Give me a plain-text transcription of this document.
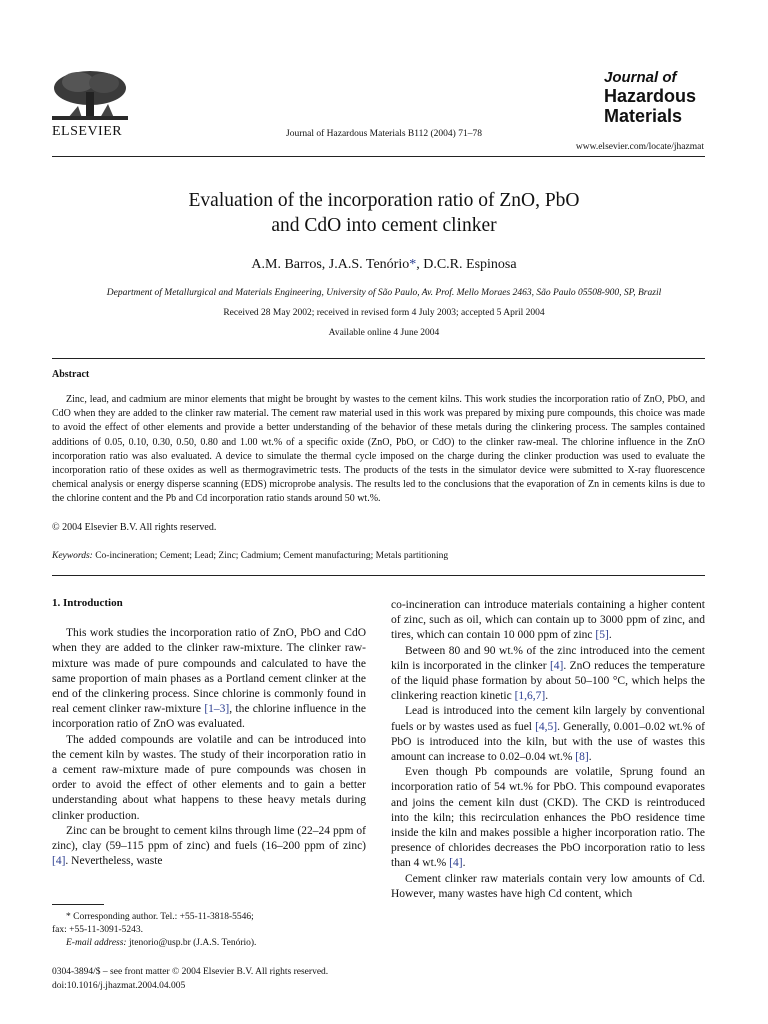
ELSEVIER	Journal of Hazardous Materials B112 (2004) 71–78
Journal of
Hazardous
Materials
www.elsevier.com/locate/jhazmat
Evaluation of the incorporation ratio of ZnO, PbO
and CdO into cement clinker
A.M. Barros, J.A.S. Tenório*, D.C.R. Espinosa
Department of Metallurgical and Materials Engineering, University of São Paulo, Av. Prof. Mello Moraes 2463, São Paulo 05508-900, SP, Brazil
Received 28 May 2002; received in revised form 4 July 2003; accepted 5 April 2004
Available online 4 June 2004
Abstract

Zinc, lead, and cadmium are minor elements that might be brought by wastes to the cement kilns. This work studies the incorporation ratio of ZnO, PbO, and CdO when they are added to the clinker raw material. The cement raw material used in this work was prepared by mixing pure compounds, this choice was made to avoid the effect of other elements and provide a better understanding of the behavior of these metals during the clinkering process. The samples contained additions of 0.05, 0.10, 0.30, 0.50, 0.80 and 1.00 wt.% of a specific oxide (ZnO, PbO, or CdO) to the clinker raw-meal. The chlorine influence in the ZnO incorporation ratio was also evaluated. A device to simulate the thermal cycle imposed on the charge during the clinker production was used to evaluate the incorporation ratio of these oxides as well as thermogravimetric tests. The products of the tests in the simulator device were submitted to X-ray fluorescence chemical analysis or energy disperse scanning (EDS) microprobe analysis. The results led to the conclusions that the evaporation of Zn in cements kilns is due to the chlorine content and the Pb and Cd incorporation ratio stands around 50 wt.%.

© 2004 Elsevier B.V. All rights reserved.
Keywords: Co-incineration; Cement; Lead; Zinc; Cadmium; Cement manufacturing; Metals partitioning

1. Introduction

This work studies the incorporation ratio of ZnO, PbO and CdO when they are added to the clinker raw-mixture. The clinker raw-mixture was made of pure compounds and calculated to have the same proportion of main phases as a Portland cement clinker at the end of the clinkering process. Since chlorine is commonly found in real cement clinker raw-mixture [1–3], the chlorine influence in the incorporation ratio of ZnO was evaluated.

The added compounds are volatile and can be introduced into the cement kiln by wastes. The study of their incorporation ratio in a cement raw-mixture made of pure compounds was chosen in order to avoid the effect of other elements and to gain a better understanding about what happens to these heavy metals during clinker production.

Zinc can be brought to cement kilns through lime (22–24 ppm of zinc), clay (59–115 ppm of zinc) and fuels (16–200 ppm of zinc) [4]. Nevertheless, waste

co-incineration can introduce materials containing a higher content of zinc, such as oil, which can contain up to 3000 ppm of zinc, and tires, which can contain 10 000 ppm of zinc [5].

Between 80 and 90 wt.% of the zinc introduced into the cement kiln is incorporated in the clinker [4]. ZnO reduces the temperature of the liquid phase formation by about 50–100 °C, which helps the clinkering reaction kinetic [1,6,7].

Lead is introduced into the cement kiln largely by conventional fuels or by wastes used as fuel [4,5]. Generally, 0.001–0.02 wt.% of PbO is introduced into the kiln, but with the use of wastes this amount can increase to 0.02–0.04 wt.% [8].

Even though Pb compounds are volatile, Sprung found an incorporation ratio of 54 wt.% for PbO. This compound evaporates and joins the cement kiln dust (CKD). The CKD is reintroduced into the kiln; this recirculation enhances the PbO residence time inside the kiln and makes possible a higher incorporation ratio. The presence of chlorides decreases the PbO incorporation ratio to less than 4 wt.% [4].

Cement clinker raw materials contain very low amounts of Cd. However, many wastes have high Cd content, which

* Corresponding author. Tel.: +55-11-3818-5546;
fax: +55-11-3091-5243.
E-mail address: jtenorio@usp.br (J.A.S. Tenório).
0304-3894/$ – see front matter © 2004 Elsevier B.V. All rights reserved.
doi:10.1016/j.jhazmat.2004.04.005
